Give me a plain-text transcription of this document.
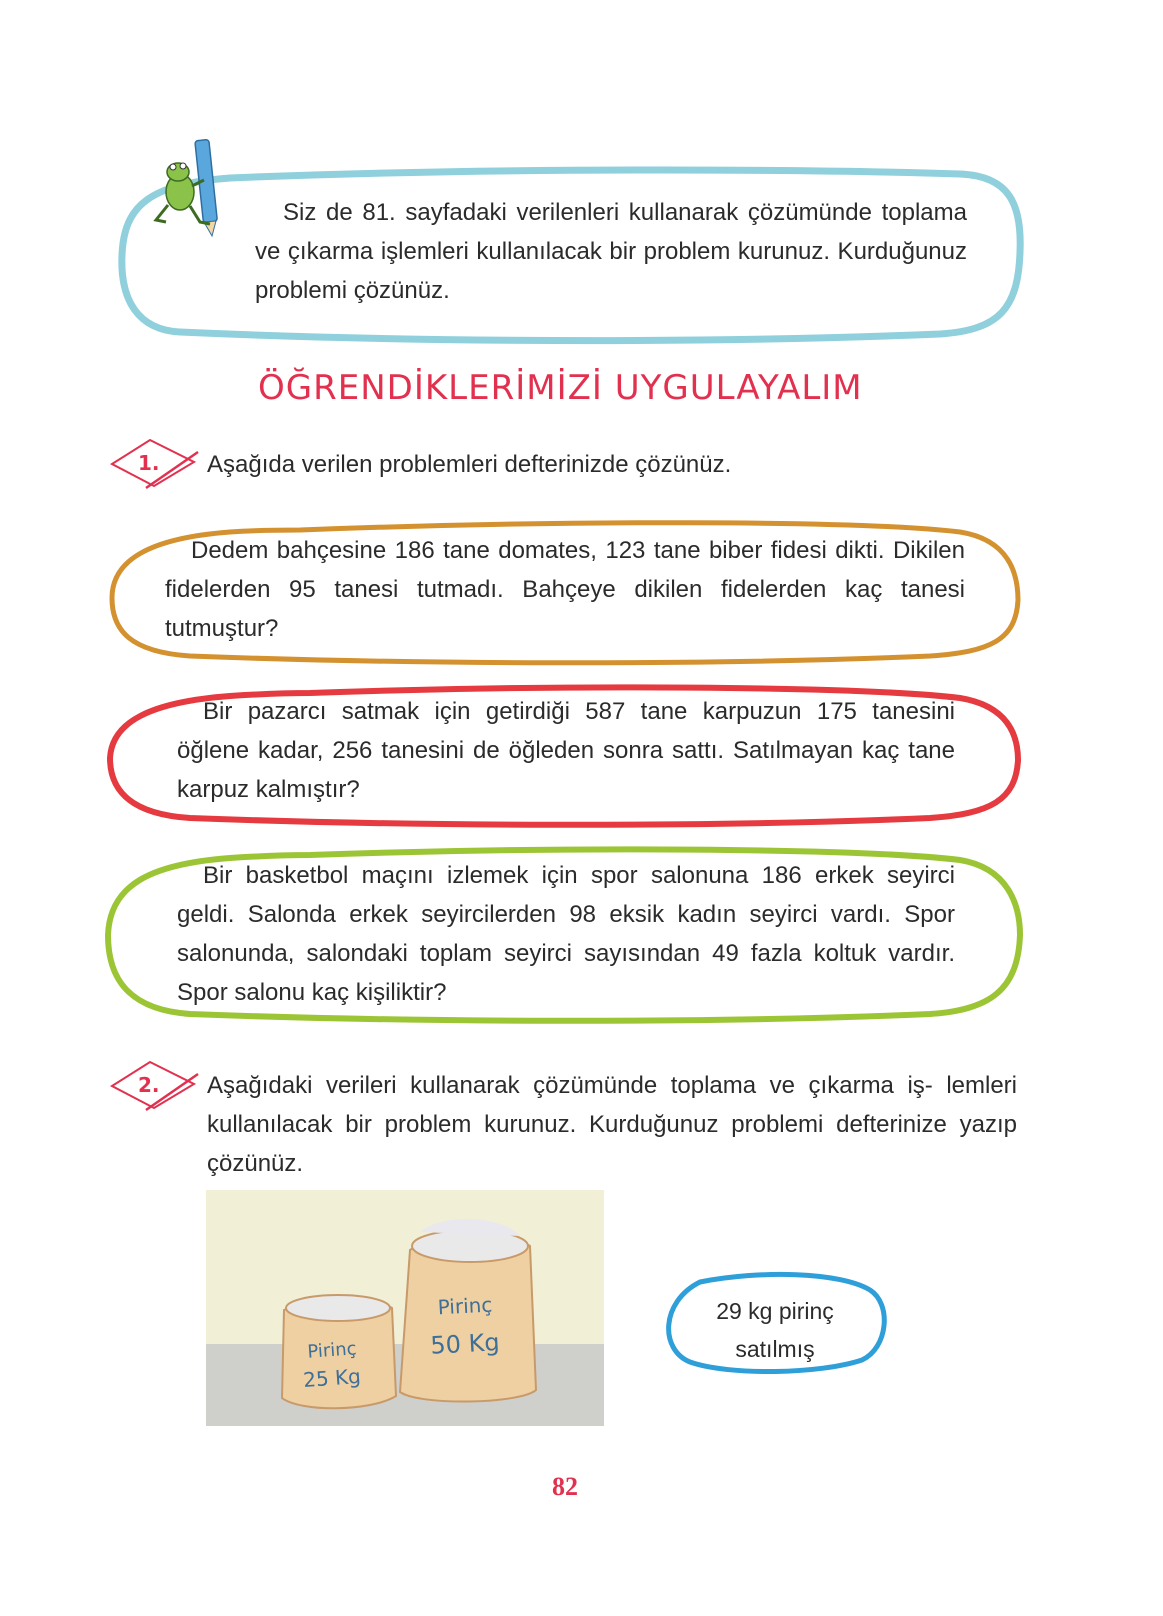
Siz de 81. sayfadaki verilenleri kullanarak çözümünde toplama ve çıkarma işlemleri kullanılacak bir problem kurunuz. Kurduğunuz problemi çözünüz.
ÖĞRENDİKLERİMİZİ UYGULAYALIM
1. Aşağıda verilen problemleri defterinizde çözünüz.
Dedem bahçesine 186 tane domates, 123 tane biber fidesi dikti. Dikilen fidelerden 95 tanesi tutmadı. Bahçeye dikilen fidelerden kaç tanesi tutmuştur?
Bir pazarcı satmak için getirdiği 587 tane karpuzun 175 tanesini öğlene kadar, 256 tanesini de öğleden sonra sattı. Satılmayan kaç tane karpuz kalmıştır?
Bir basketbol maçını izlemek için spor salonuna 186 erkek seyirci geldi. Salonda erkek seyircilerden 98 eksik kadın seyirci vardı. Spor salonunda, salondaki toplam seyirci sayısından 49 fazla koltuk vardır. Spor salonu kaç kişiliktir?
2. Aşağıdaki verileri kullanarak çözümünde toplama ve çıkarma iş- lemleri kullanılacak bir problem kurunuz. Kurduğunuz problemi defterinize yazıp çözünüz.
Pirinç
25 Kg
Pirinç
50 Kg
29 kg pirinç
satılmış
82
